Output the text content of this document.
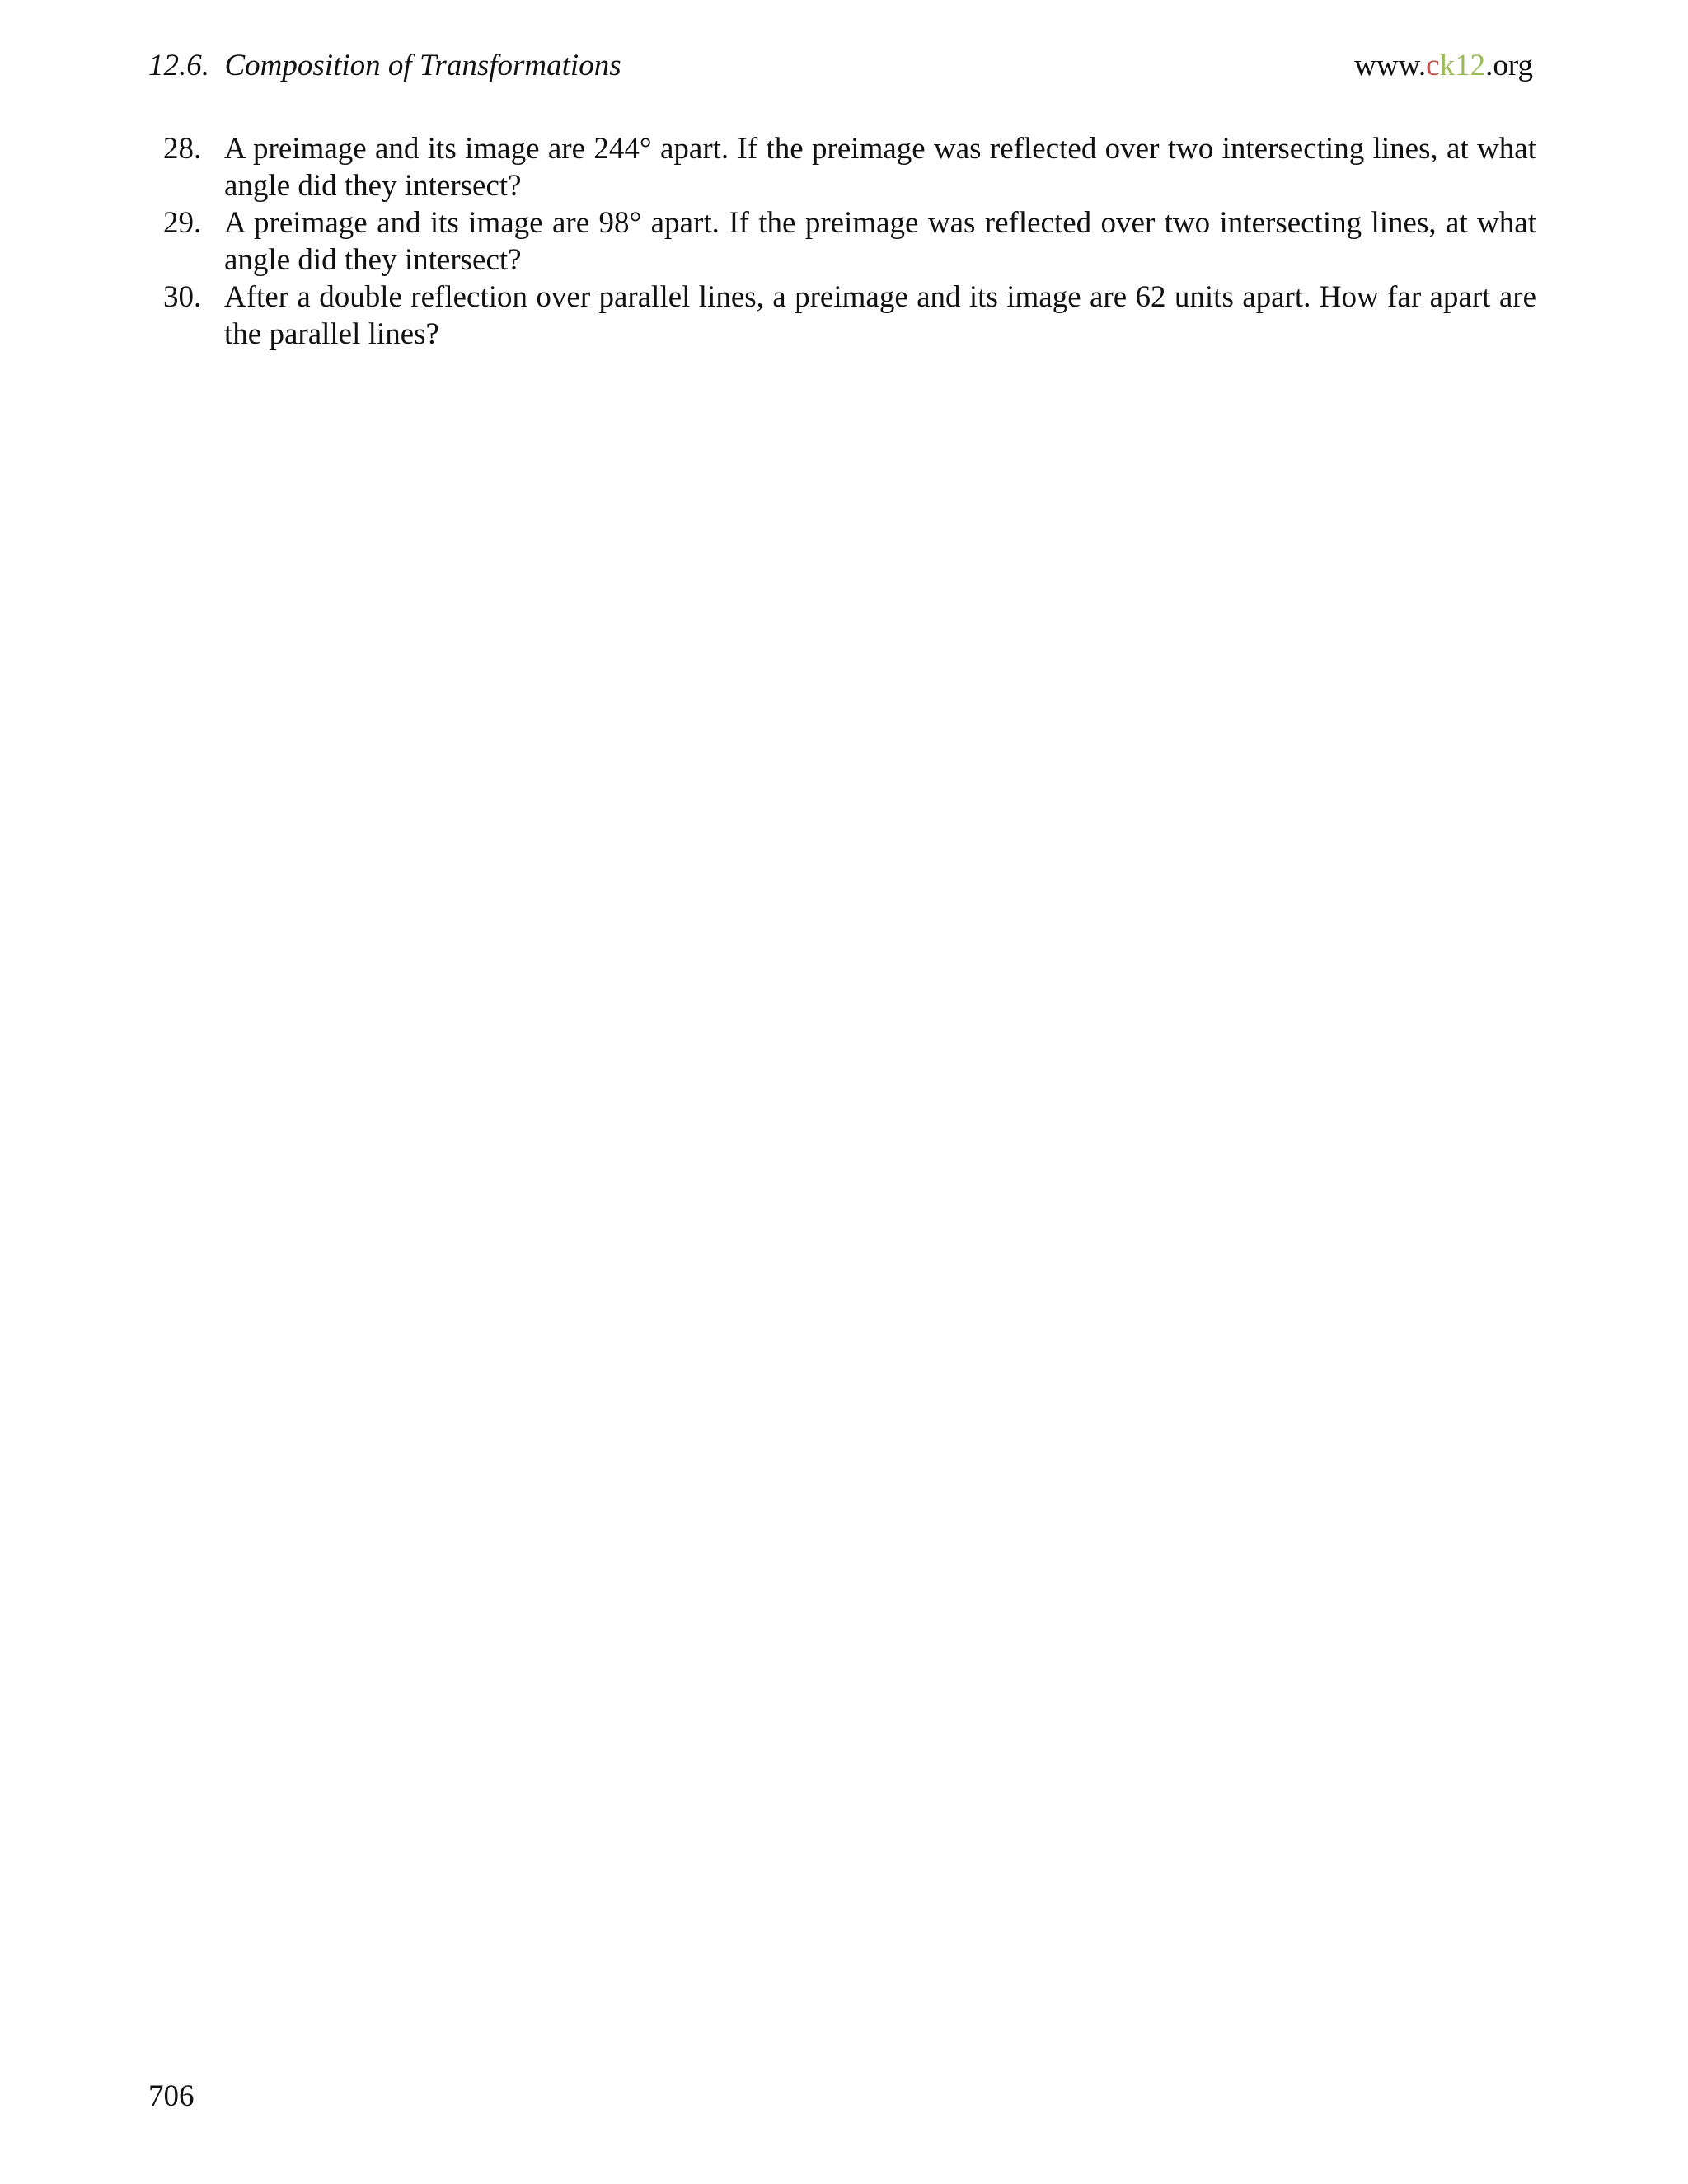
12.6.  Composition of Transformations	www.ck12.org
28. A preimage and its image are 244° apart. If the preimage was reflected over two intersecting lines, at what angle did they intersect?
29. A preimage and its image are 98° apart. If the preimage was reflected over two intersecting lines, at what angle did they intersect?
30. After a double reflection over parallel lines, a preimage and its image are 62 units apart. How far apart are the parallel lines?
706
